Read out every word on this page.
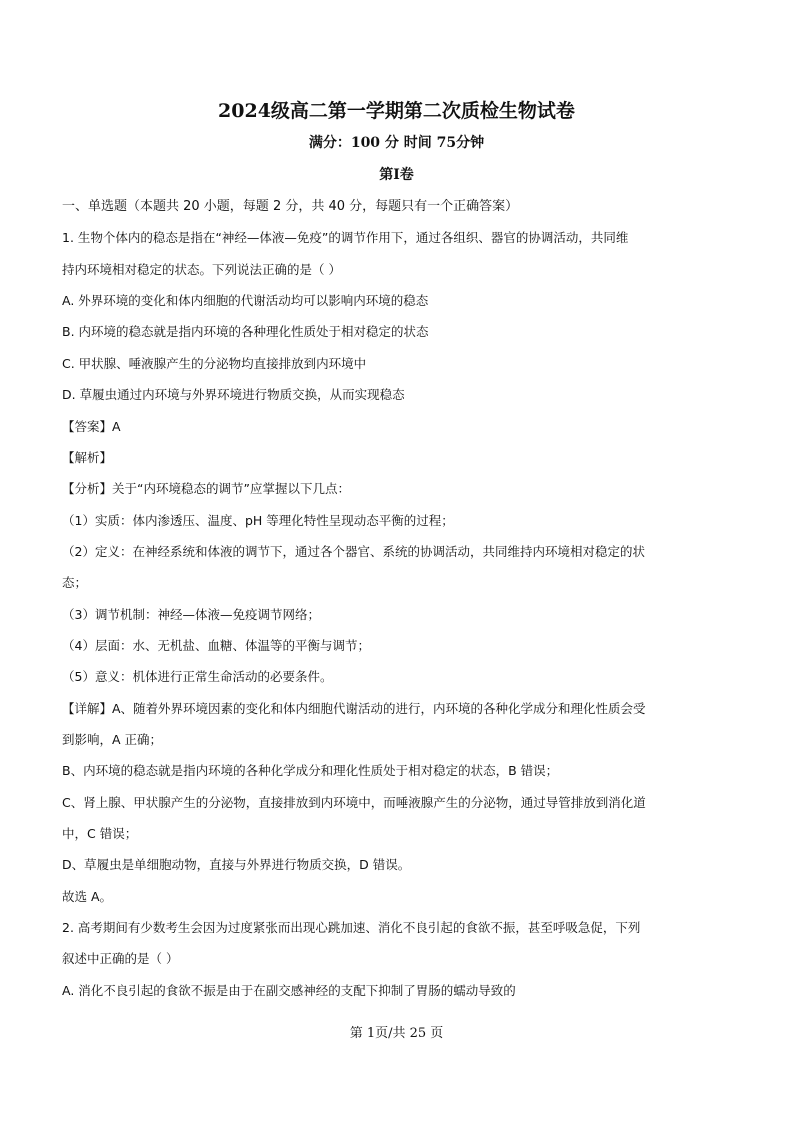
2024级高二第一学期第二次质检生物试卷
满分：100 分 时间 75分钟
第Ⅰ卷
一、单选题（本题共 20 小题，每题 2 分，共 40 分，每题只有一个正确答案）
1. 生物个体内的稳态是指在“神经—体液—免疫”的调节作用下，通过各组织、器官的协调活动，共同维
持内环境相对稳定的状态。下列说法正确的是（ ）
A. 外界环境的变化和体内细胞的代谢活动均可以影响内环境的稳态
B. 内环境的稳态就是指内环境的各种理化性质处于相对稳定的状态
C. 甲状腺、唾液腺产生的分泌物均直接排放到内环境中
D. 草履虫通过内环境与外界环境进行物质交换，从而实现稳态
【答案】A
【解析】
【分析】关于“内环境稳态的调节”应掌握以下几点：
（1）实质：体内渗透压、温度、pH 等理化特性呈现动态平衡的过程；
（2）定义：在神经系统和体液的调节下，通过各个器官、系统的协调活动，共同维持内环境相对稳定的状
态；
（3）调节机制：神经—体液—免疫调节网络；
（4）层面：水、无机盐、血糖、体温等的平衡与调节；
（5）意义：机体进行正常生命活动的必要条件。
【详解】A、随着外界环境因素的变化和体内细胞代谢活动的进行，内环境的各种化学成分和理化性质会受
到影响，A 正确；
B、内环境的稳态就是指内环境的各种化学成分和理化性质处于相对稳定的状态，B 错误；
C、肾上腺、甲状腺产生的分泌物，直接排放到内环境中，而唾液腺产生的分泌物，通过导管排放到消化道
中，C 错误；
D、草履虫是单细胞动物，直接与外界进行物质交换，D 错误。
故选 A。
2. 高考期间有少数考生会因为过度紧张而出现心跳加速、消化不良引起的食欲不振，甚至呼吸急促，下列
叙述中正确的是（ ）
A. 消化不良引起的食欲不振是由于在副交感神经的支配下抑制了胃肠的蠕动导致的
第 1页/共 25 页
